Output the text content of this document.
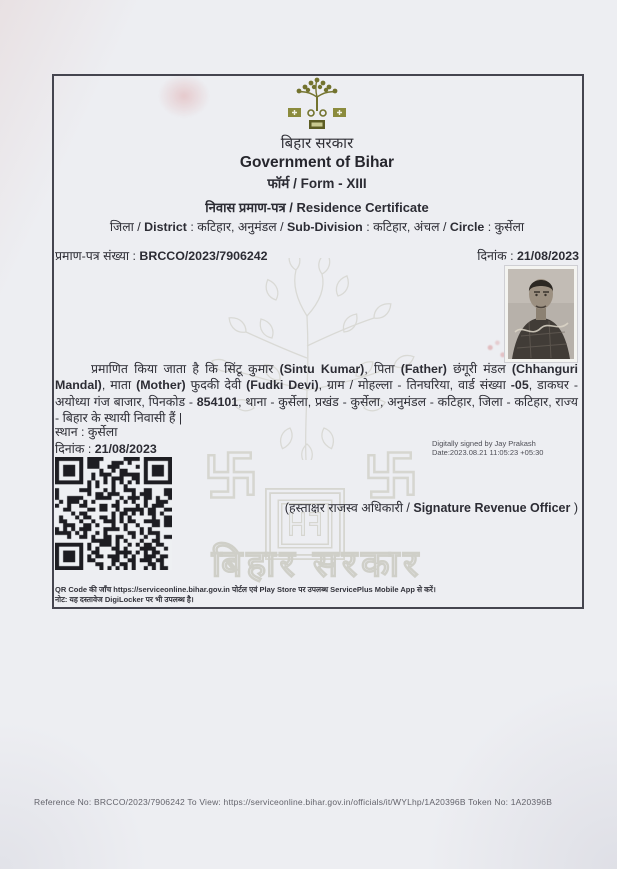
बिहार सरकार
बिहार सरकार
Government of Bihar
फॉर्म / Form - XIII
निवास प्रमाण-पत्र / Residence Certificate
जिला / District : कटिहार, अनुमंडल / Sub-Division : कटिहार, अंचल / Circle : कुर्सेला
प्रमाण-पत्र संख्या : BRCCO/2023/7906242	दिनांक : 21/08/2023
प्रमाणित किया जाता है कि सिंटू कुमार (Sintu Kumar), पिता (Father) छंगूरी मंडल (Chhanguri Mandal), माता (Mother) फुदकी देवी (Fudki Devi), ग्राम / मोहल्ला - तिनघरिया, वार्ड संख्या -05, डाकघर - अयोध्या गंज बाजार, पिनकोड - 854101, थाना - कुर्सेला, प्रखंड - कुर्सेला, अनुमंडल - कटिहार, जिला - कटिहार, राज्य - बिहार के स्थायी निवासी हैं |
स्थान : कुर्सेला
दिनांक : 21/08/2023	Digitally signed by Jay Prakash
Date:2023.08.21 11:05:23 +05:30
(हस्ताक्षर राजस्व अधिकारी / Signature Revenue Officer )
QR Code की जाँच https://serviceonline.bihar.gov.in पोर्टल एवं Play Store पर उपलब्ध ServicePlus Mobile App से करें।
नोट: यह दस्तावेज DigiLocker पर भी उपलब्ध है।
Reference No: BRCCO/2023/7906242 To View: https://serviceonline.bihar.gov.in/officials/it/WYLhp/1A20396B Token No: 1A20396B
